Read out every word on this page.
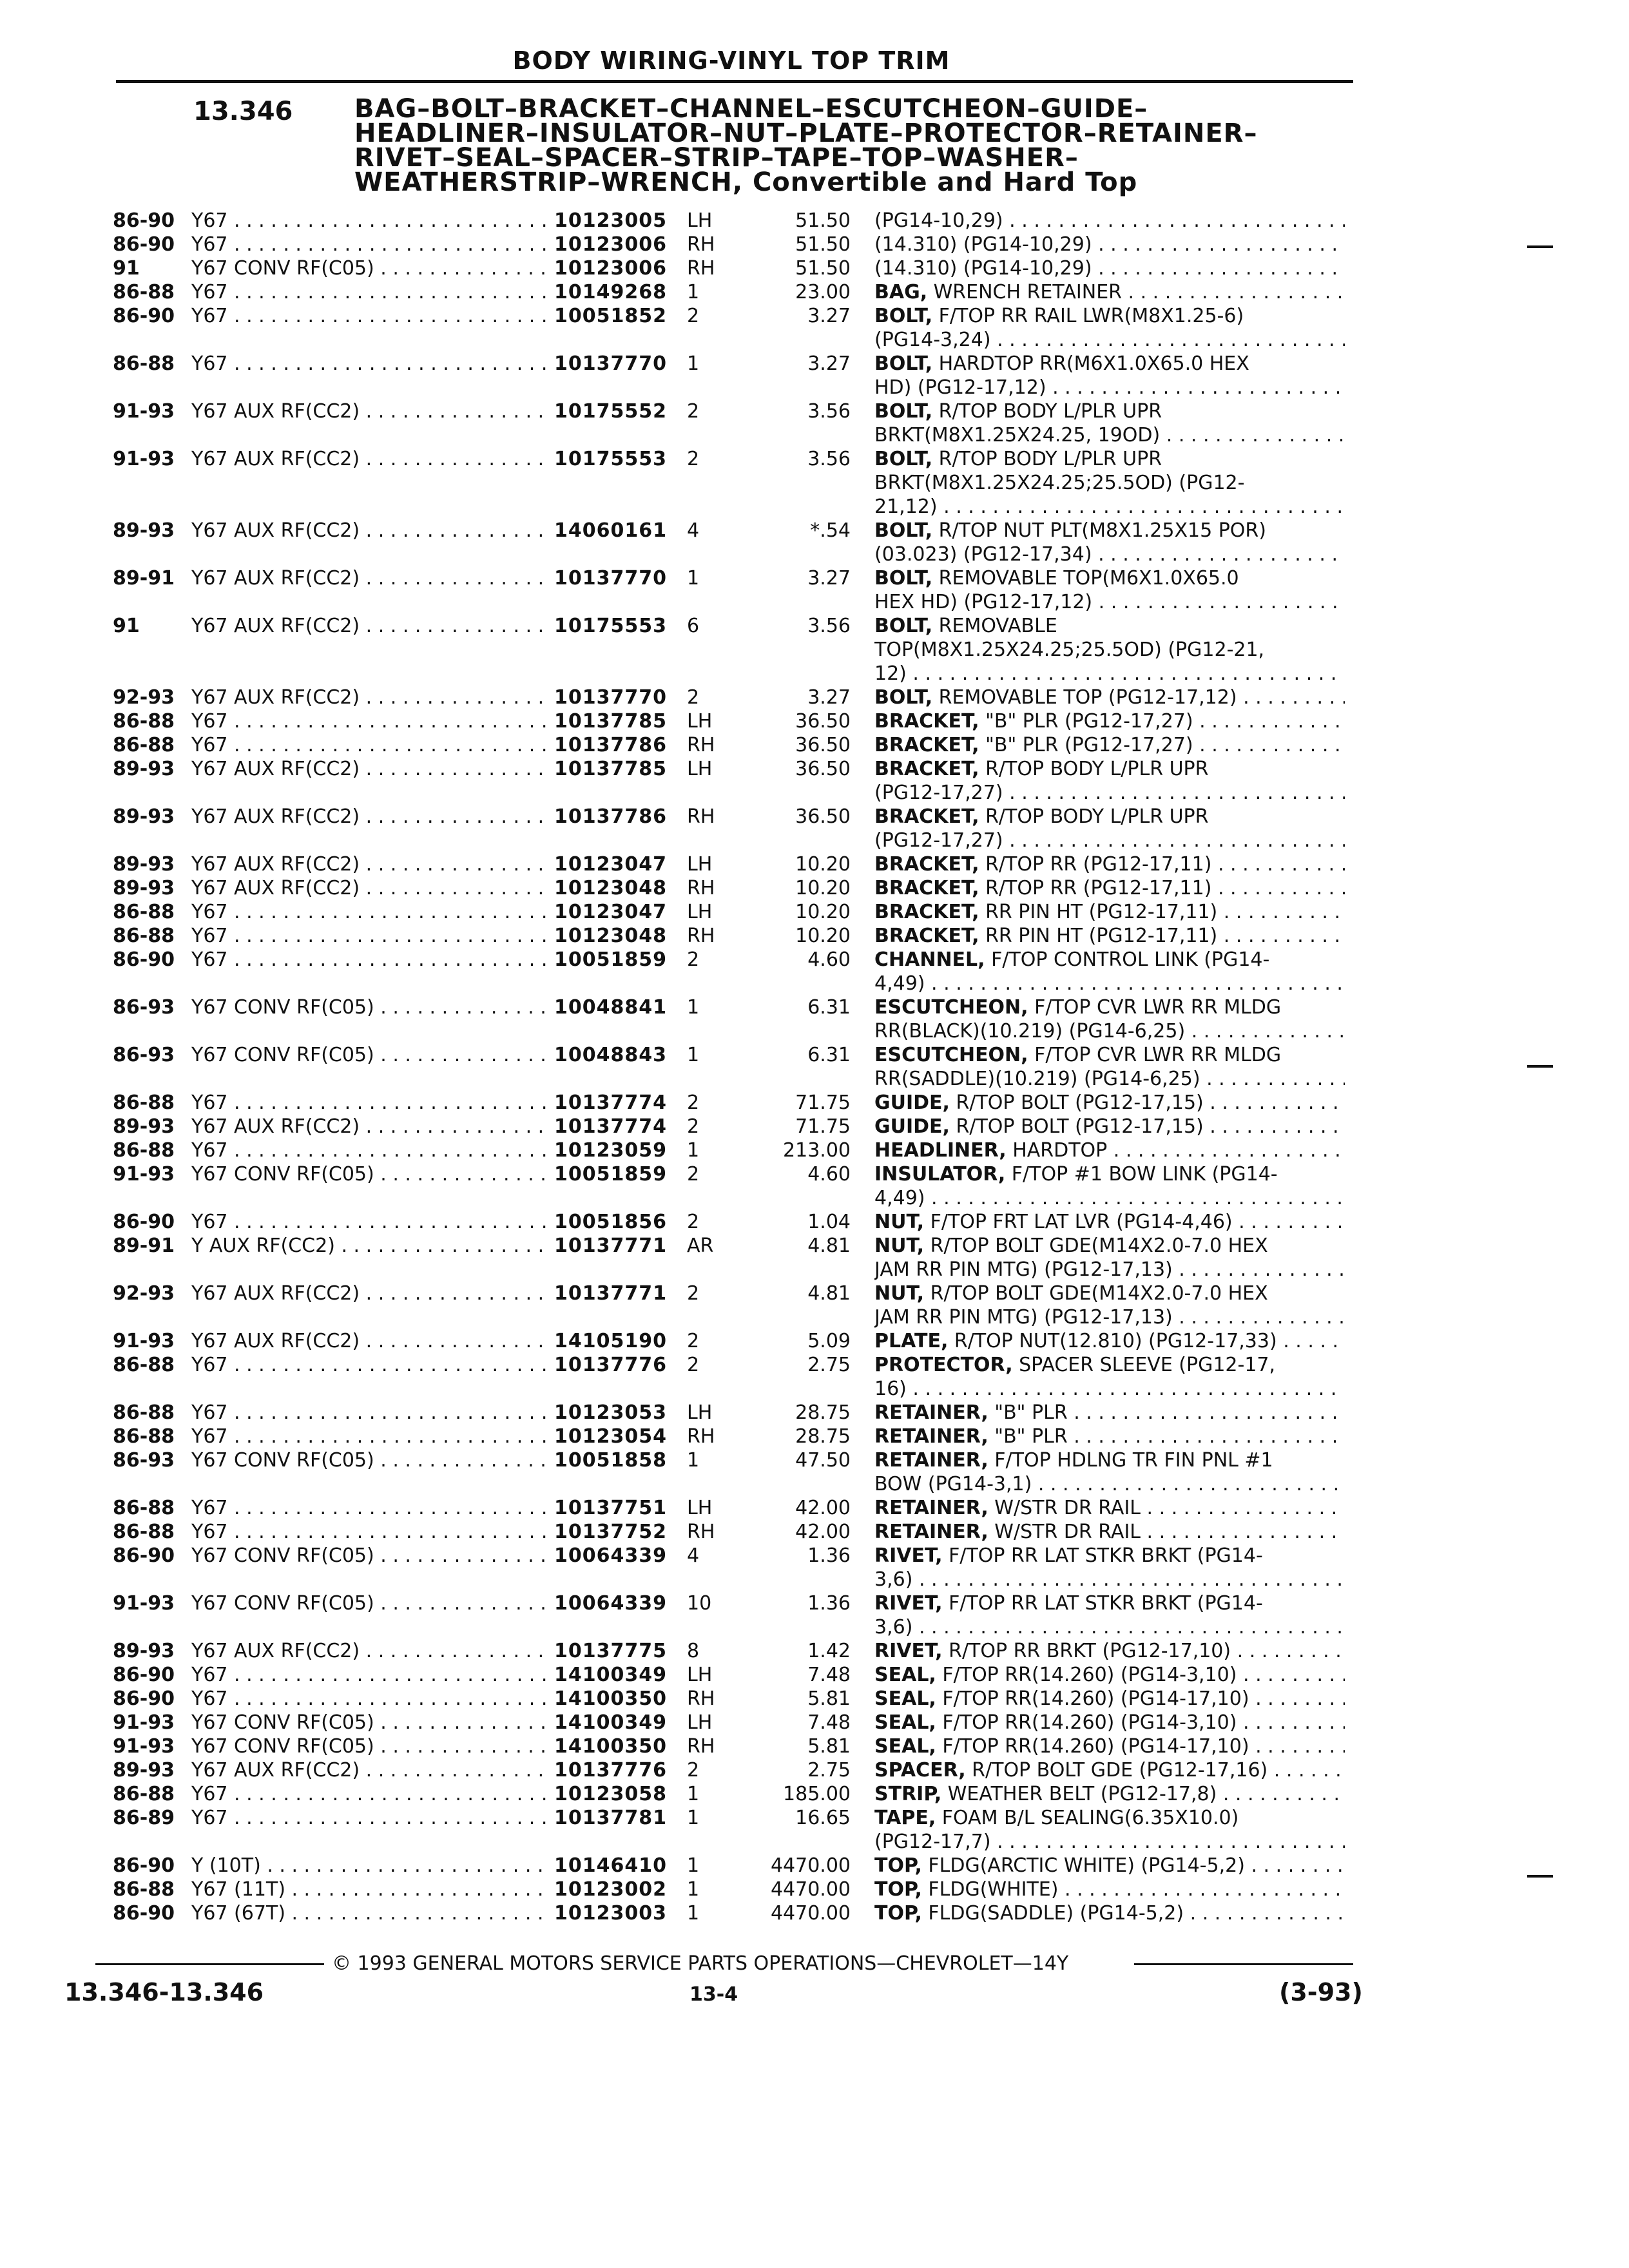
BODY WIRING-VINYL TOP TRIM
13.346 BAG–BOLT–BRACKET–CHANNEL–ESCUTCHEON–GUIDE–
HEADLINER–INSULATOR–NUT–PLATE–PROTECTOR–RETAINER–
RIVET–SEAL–SPACER–STRIP–TAPE–TOP–WASHER–
WEATHERSTRIP–WRENCH, Convertible and Hard Top
86-90 Y67 . . .	10123005 LH	51.50 (PG14-10,29) . . .
86-90 Y67 . . .	10123006 RH	51.50 (14.310) (PG14-10,29) . . .
91	Y67 CONV RF(C05) . . .	10123006 RH	51.50 (14.310) (PG14-10,29) . . .
86-88 Y67 . . .	10149268 1	23.00 BAG, WRENCH RETAINER . . .
86-90 Y67 . . .	10051852 2	3.27 BOLT, F/TOP RR RAIL LWR(M8X1.25-6)
(PG14-3,24) . . .
86-88 Y67 . . .	10137770 1	3.27 BOLT, HARDTOP RR(M6X1.0X65.0 HEX
HD) (PG12-17,12) . . .
91-93 Y67 AUX RF(CC2) . . .	10175552 2	3.56 BOLT, R/TOP BODY L/PLR UPR
BRKT(M8X1.25X24.25, 19OD) . . .
91-93 Y67 AUX RF(CC2) . . .	10175553 2	3.56 BOLT, R/TOP BODY L/PLR UPR
BRKT(M8X1.25X24.25;25.5OD) (PG12-
21,12) . . .
89-93 Y67 AUX RF(CC2) . . .	14060161 4	*.54 BOLT, R/TOP NUT PLT(M8X1.25X15 POR)
(03.023) (PG12-17,34) . . .
89-91 Y67 AUX RF(CC2) . . .	10137770 1	3.27 BOLT, REMOVABLE TOP(M6X1.0X65.0
HEX HD) (PG12-17,12) . . .
91	Y67 AUX RF(CC2) . . .	10175553 6	3.56 BOLT, REMOVABLE
TOP(M8X1.25X24.25;25.5OD) (PG12-21,
12) . . .
92-93 Y67 AUX RF(CC2) . . .	10137770 2	3.27 BOLT, REMOVABLE TOP (PG12-17,12) . . .
86-88 Y67 . . .	10137785 LH	36.50 BRACKET, "B" PLR (PG12-17,27) . . .
86-88 Y67 . . .	10137786 RH	36.50 BRACKET, "B" PLR (PG12-17,27) . . .
89-93 Y67 AUX RF(CC2) . . .	10137785 LH	36.50 BRACKET, R/TOP BODY L/PLR UPR
(PG12-17,27) . . .
89-93 Y67 AUX RF(CC2) . . .	10137786 RH	36.50 BRACKET, R/TOP BODY L/PLR UPR
(PG12-17,27) . . .
89-93 Y67 AUX RF(CC2) . . .	10123047 LH	10.20 BRACKET, R/TOP RR (PG12-17,11) . . .
89-93 Y67 AUX RF(CC2) . . .	10123048 RH	10.20 BRACKET, R/TOP RR (PG12-17,11) . . .
86-88 Y67 . . .	10123047 LH	10.20 BRACKET, RR PIN HT (PG12-17,11) . . .
86-88 Y67 . . .	10123048 RH	10.20 BRACKET, RR PIN HT (PG12-17,11) . . .
86-90 Y67 . . .	10051859 2	4.60 CHANNEL, F/TOP CONTROL LINK (PG14-
4,49) . . .
86-93 Y67 CONV RF(C05) . . .	10048841 1	6.31 ESCUTCHEON, F/TOP CVR LWR RR MLDG
RR(BLACK)(10.219) (PG14-6,25) . . .
86-93 Y67 CONV RF(C05) . . .	10048843 1	6.31 ESCUTCHEON, F/TOP CVR LWR RR MLDG
RR(SADDLE)(10.219) (PG14-6,25) . . .
86-88 Y67 . . .	10137774 2	71.75 GUIDE, R/TOP BOLT (PG12-17,15) . . .
89-93 Y67 AUX RF(CC2) . . .	10137774 2	71.75 GUIDE, R/TOP BOLT (PG12-17,15) . . .
86-88 Y67 . . .	10123059 1	213.00 HEADLINER, HARDTOP . . .
91-93 Y67 CONV RF(C05) . . .	10051859 2	4.60 INSULATOR, F/TOP #1 BOW LINK (PG14-
4,49) . . .
86-90 Y67 . . .	10051856 2	1.04 NUT, F/TOP FRT LAT LVR (PG14-4,46) . . .
89-91 Y AUX RF(CC2) . . .	10137771 AR	4.81 NUT, R/TOP BOLT GDE(M14X2.0-7.0 HEX
JAM RR PIN MTG) (PG12-17,13) . . .
92-93 Y67 AUX RF(CC2) . . .	10137771 2	4.81 NUT, R/TOP BOLT GDE(M14X2.0-7.0 HEX
JAM RR PIN MTG) (PG12-17,13) . . .
91-93 Y67 AUX RF(CC2) . . .	14105190 2	5.09 PLATE, R/TOP NUT(12.810) (PG12-17,33) . . .
86-88 Y67 . . .	10137776 2	2.75 PROTECTOR, SPACER SLEEVE (PG12-17,
16) . . .
86-88 Y67 . . .	10123053 LH	28.75 RETAINER, "B" PLR . . .
86-88 Y67 . . .	10123054 RH	28.75 RETAINER, "B" PLR . . .
86-93 Y67 CONV RF(C05) . . .	10051858 1	47.50 RETAINER, F/TOP HDLNG TR FIN PNL #1
BOW (PG14-3,1) . . .
86-88 Y67 . . .	10137751 LH	42.00 RETAINER, W/STR DR RAIL . . .
86-88 Y67 . . .	10137752 RH	42.00 RETAINER, W/STR DR RAIL . . .
86-90 Y67 CONV RF(C05) . . .	10064339 4	1.36 RIVET, F/TOP RR LAT STKR BRKT (PG14-
3,6) . . .
91-93 Y67 CONV RF(C05) . . .	10064339 10	1.36 RIVET, F/TOP RR LAT STKR BRKT (PG14-
3,6) . . .
89-93 Y67 AUX RF(CC2) . . .	10137775 8	1.42 RIVET, R/TOP RR BRKT (PG12-17,10) . . .
86-90 Y67 . . .	14100349 LH	7.48 SEAL, F/TOP RR(14.260) (PG14-3,10) . . .
86-90 Y67 . . .	14100350 RH	5.81 SEAL, F/TOP RR(14.260) (PG14-17,10) . . .
91-93 Y67 CONV RF(C05) . . .	14100349 LH	7.48 SEAL, F/TOP RR(14.260) (PG14-3,10) . . .
91-93 Y67 CONV RF(C05) . . .	14100350 RH	5.81 SEAL, F/TOP RR(14.260) (PG14-17,10) . . .
89-93 Y67 AUX RF(CC2) . . .	10137776 2	2.75 SPACER, R/TOP BOLT GDE (PG12-17,16) . . .
86-88 Y67 . . .	10123058 1	185.00 STRIP, WEATHER BELT (PG12-17,8) . . .
86-89 Y67 . . .	10137781 1	16.65 TAPE, FOAM B/L SEALING(6.35X10.0)
(PG12-17,7) . . .
86-90 Y (10T) . . .	10146410 1	4470.00 TOP, FLDG(ARCTIC WHITE) (PG14-5,2) . . .
86-88 Y67 (11T) . . .	10123002 1	4470.00 TOP, FLDG(WHITE) . . .
86-90 Y67 (67T) . . .	10123003 1	4470.00 TOP, FLDG(SADDLE) (PG14-5,2) . . .
© 1993 GENERAL MOTORS SERVICE PARTS OPERATIONS—CHEVROLET—14Y
13.346-13.346	13-4	(3-93)
